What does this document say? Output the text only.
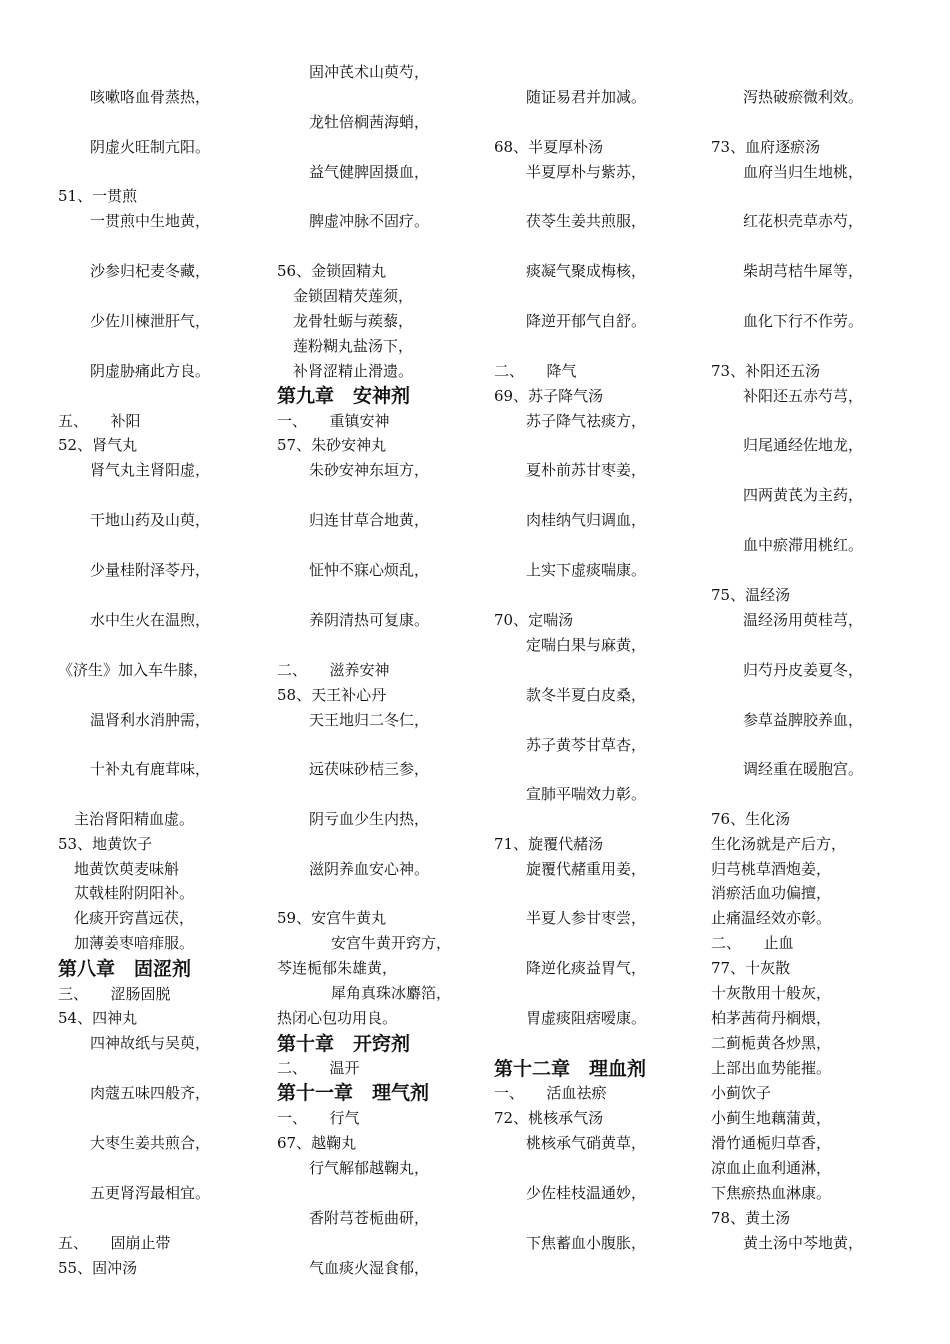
咳嗽咯血骨蒸热，
阴虚火旺制亢阳。
51、一贯煎
一贯煎中生地黄，
沙参归杞麦冬藏，
少佐川楝泄肝气，
阴虚胁痛此方良。
五、　　补阳
52、肾气丸
肾气丸主肾阳虚，
干地山药及山萸，
少量桂附泽苓丹，
水中生火在温煦，
《济生》加入车牛膝，
温肾利水消肿需，
十补丸有鹿茸味，
主治肾阳精血虚。
53、地黄饮子
地黄饮萸麦味斛
苁戟桂附阴阳补。
化痰开窍菖远茯，
加薄姜枣喑痱服。
第八章　固涩剂
三、　　涩肠固脱
54、四神丸
四神故纸与吴萸，
肉蔻五味四般齐，
大枣生姜共煎合，
五更肾泻最相宜。
五、　　固崩止带
55、固冲汤
固冲芪术山萸芍，
龙牡倍榈茜海蛸，
益气健脾固摄血，
脾虚冲脉不固疗。
56、金锁固精丸
金锁固精芡莲须，
龙骨牡蛎与蒺藜，
莲粉糊丸盐汤下，
补肾涩精止滑遗。
第九章　安神剂
一、　　重镇安神
57、朱砂安神丸
朱砂安神东垣方，
归连甘草合地黄，
怔忡不寐心烦乱，
养阴清热可复康。
二、　　滋养安神
58、天王补心丹
天王地归二冬仁，
远茯味砂桔三参，
阴亏血少生内热，
滋阴养血安心神。
59、安宫牛黄丸
安宫牛黄开窍方，
芩连栀郁朱雄黄，
犀角真珠冰麝箔，
热闭心包功用良。
第十章　开窍剂
二、　　温开
第十一章　理气剂
一、　　行气
67、越鞠丸
行气解郁越鞠丸，
香附芎苍栀曲研，
气血痰火湿食郁，
随证易君并加减。
68、半夏厚朴汤
半夏厚朴与紫苏，
茯苓生姜共煎服，
痰凝气聚成梅核，
降逆开郁气自舒。
二、　　降气
69、苏子降气汤
苏子降气祛痰方，
夏朴前苏甘枣姜，
肉桂纳气归调血，
上实下虚痰喘康。
70、定喘汤
定喘白果与麻黄，
款冬半夏白皮桑，
苏子黄芩甘草杏，
宣肺平喘效力彰。
71、旋覆代赭汤
旋覆代赭重用姜，
半夏人参甘枣尝，
降逆化痰益胃气，
胃虚痰阻痞嗳康。
第十二章　理血剂
一、　　活血祛瘀
72、桃核承气汤
桃核承气硝黄草，
少佐桂枝温通妙，
下焦蓄血小腹胀，
泻热破瘀微利效。
73、血府逐瘀汤
血府当归生地桃，
红花枳壳草赤芍，
柴胡芎桔牛犀等，
血化下行不作劳。
73、补阳还五汤
补阳还五赤芍芎，
归尾通经佐地龙，
四两黄芪为主药，
血中瘀滞用桃红。
75、温经汤
温经汤用萸桂芎，
归芍丹皮姜夏冬，
参草益脾胶养血，
调经重在暖胞宫。
76、生化汤
生化汤就是产后方，
归芎桃草酒炮姜，
消瘀活血功偏擅，
止痛温经效亦彰。
二、　　止血
77、十灰散
十灰散用十般灰，
柏茅茜荷丹榈煨，
二蓟栀黄各炒黑，
上部出血势能摧。
小蓟饮子
小蓟生地藕蒲黄，
滑竹通栀归草香，
凉血止血利通淋，
下焦瘀热血淋康。
78、黄土汤
黄土汤中芩地黄，
